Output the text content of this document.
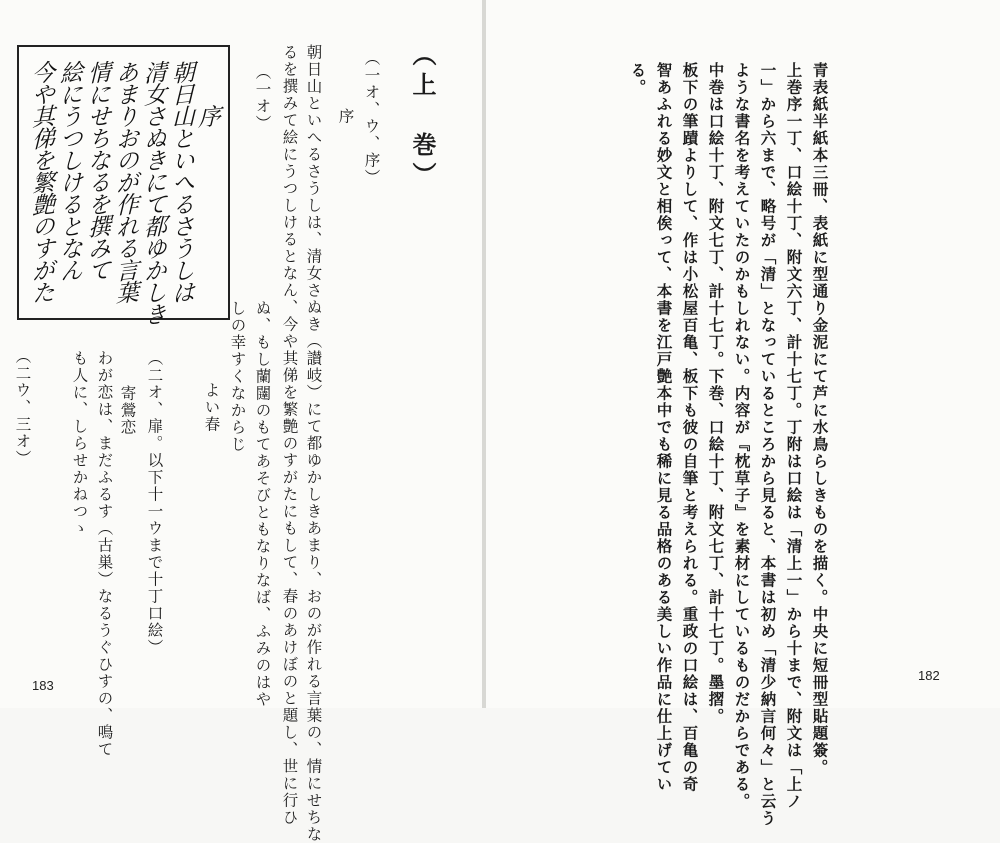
序
朝日山といへるさうしは
清女さぬきにて都ゆかしき
あまりおのが作れる言葉
情にせちなるを撰みて
絵にうつしけるとなん
今や其俤を繁艶のすがた	（上　巻）
（一オ、ウ、序）
序
朝日山といへるさうしは、清女さぬき（讃岐）にて都ゆかしきあまり、おのが作れる言葉の、情にせちな
るを撰みて絵にうつしけるとなん、今や其俤を繁艶のすがたにもして、春のあけぼのと題し、世に行ひ
（一オ）
ぬ、もし蘭闥のもてあそびともなりなば、ふみのはや
しの幸すくなからじ
よい春
（二オ、扉。以下十一ウまで十丁口絵）
寄鶯恋
わが恋は、まだふるす（古巣）なるうぐひすの、鳴て
も人に、しらせかねつゝ
（二ウ、三オ）
183	青表紙半紙本三冊、表紙に型通り金泥にて芦に水鳥らしきものを描く。中央に短冊型貼題簽。
上巻序一丁、口絵十丁、附文六丁、計十七丁。丁附は口絵は「清上一」から十まで、附文は「上ノ
一」から六まで、略号が「清」となっているところから見ると、本書は初め「清少納言何々」と云う
ような書名を考えていたのかもしれない。内容が『枕草子』を素材にしているものだからである。
中巻は口絵十丁、附文七丁、計十七丁。下巻、口絵十丁、附文七丁、計十七丁。墨摺。
板下の筆蹟よりして、作は小松屋百亀、板下も彼の自筆と考えられる。重政の口絵は、百亀の奇
智あふれる妙文と相俟って、本書を江戸艶本中でも稀に見る品格のある美しい作品に仕上げてい
る。
182
